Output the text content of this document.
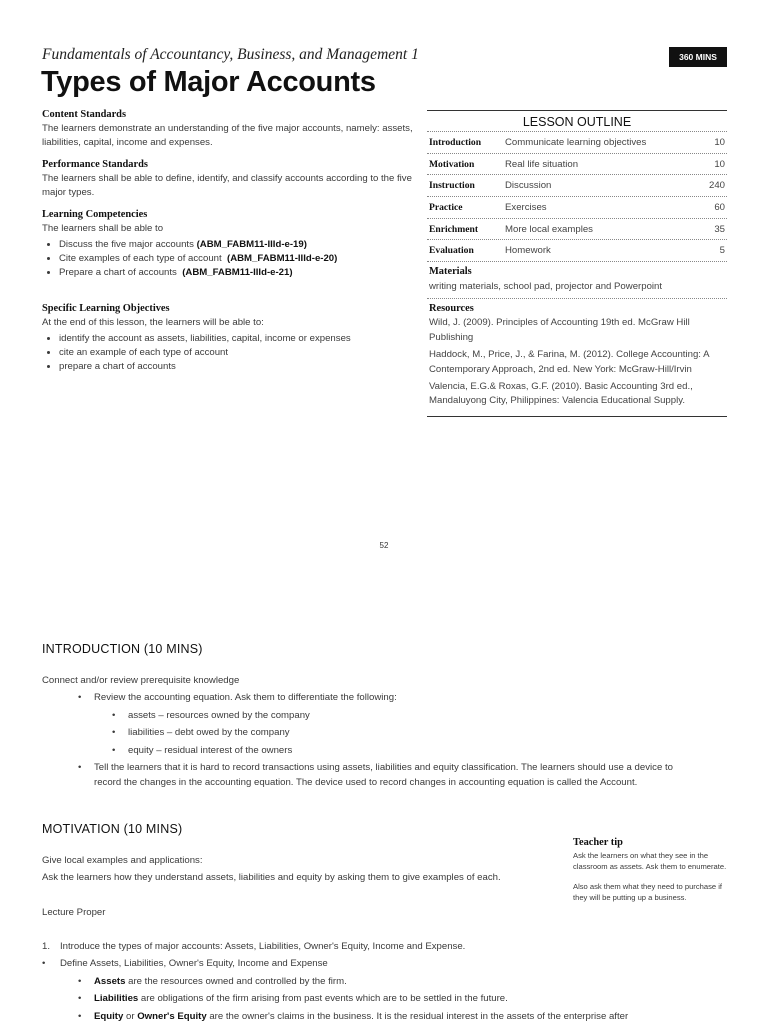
Fundamentals of Accountancy, Business, and Management 1	360 MINS
Types of Major Accounts
Content Standards
The learners demonstrate an understanding of the five major accounts, namely: assets, liabilities, capital, income and expenses.
Performance Standards
The learners shall be able to define, identify, and classify accounts according to the five major types.
Learning Competencies
The learners shall be able to
• Discuss the five major accounts (ABM_FABM11-IIId-e-19)
• Cite examples of each type of account (ABM_FABM11-IIId-e-20)
• Prepare a chart of accounts (ABM_FABM11-IIId-e-21)
Specific Learning Objectives
At the end of this lesson, the learners will be able to:
• identify the account as assets, liabilities, capital, income or expenses
• cite an example of each type of account
• prepare a chart of accounts
LESSON OUTLINE
Introduction	Communicate learning objectives	10
Motivation	Real life situation	10
Instruction	Discussion	240
Practice	Exercises	60
Enrichment	More local examples	35
Evaluation	Homework	5
Materials
writing materials, school pad, projector and Powerpoint
Resources

Wild, J. (2009). Principles of Accounting 19th ed. McGraw Hill Publishing

Haddock, M., Price, J., & Farina, M. (2012). College Accounting: A Contemporary Approach, 2nd ed. New York: McGraw-Hill/Irvin

Valencia, E.G.& Roxas, G.F. (2010). Basic Accounting 3rd ed., Mandaluyong City, Philippines: Valencia Educational Supply.

52
INTRODUCTION (10 MINS)
Connect and/or review prerequisite knowledge
• Review the accounting equation. Ask them to differentiate the following:
• assets – resources owned by the company
• liabilities – debt owed by the company
• equity – residual interest of the owners
• Tell the learners that it is hard to record transactions using assets, liabilities and equity classification. The learners should use a device to record the changes in the accounting equation. The device used to record changes in accounting equation is called the Account.
MOTIVATION (10 MINS)
Give local examples and applications:
Ask the learners how they understand assets, liabilities and equity by asking them to give examples of each.
Lecture Proper
1. Introduce the types of major accounts: Assets, Liabilities, Owner's Equity, Income and Expense.
• Define Assets, Liabilities, Owner's Equity, Income and Expense
• Assets are the resources owned and controlled by the firm.
• Liabilities are obligations of the firm arising from past events which are to be settled in the future.
• Equity or Owner's Equity are the owner's claims in the business. It is the residual interest in the assets of the enterprise after
Teacher tip

Ask the learners on what they see in the classroom as assets. Ask them to enumerate.

Also ask them what they need to purchase if they will be putting up a business.
